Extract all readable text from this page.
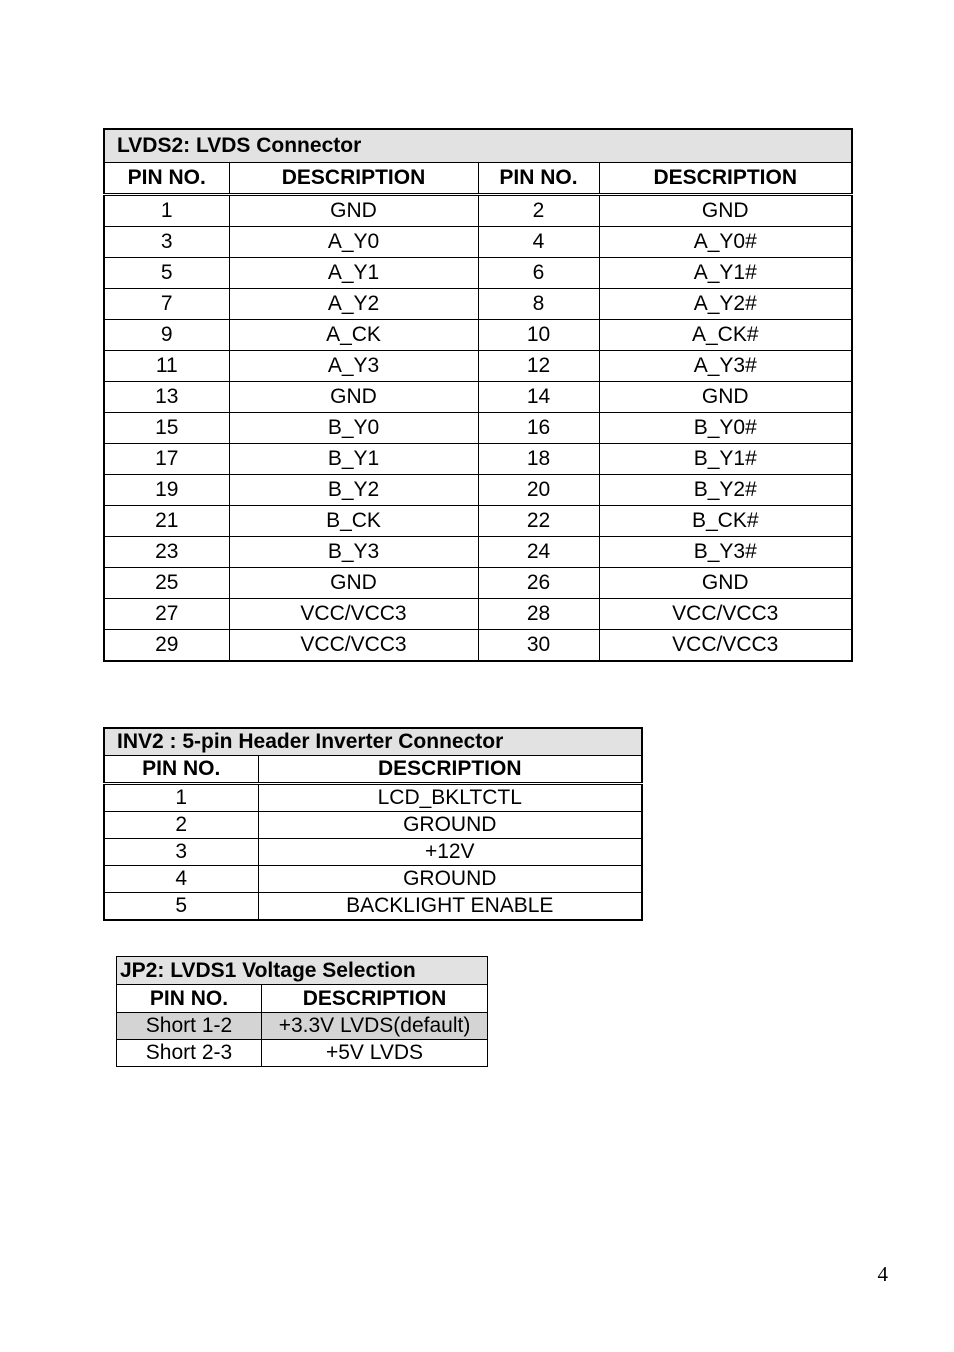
LVDS2: LVDS Connector			
PIN NO.	DESCRIPTION	PIN NO.	DESCRIPTION
1	GND	2	GND
3	A_Y0	4	A_Y0#
5	A_Y1	6	A_Y1#
7	A_Y2	8	A_Y2#
9	A_CK	10	A_CK#
11	A_Y3	12	A_Y3#
13	GND	14	GND
15	B_Y0	16	B_Y0#
17	B_Y1	18	B_Y1#
19	B_Y2	20	B_Y2#
21	B_CK	22	B_CK#
23	B_Y3	24	B_Y3#
25	GND	26	GND
27	VCC/VCC3	28	VCC/VCC3
29	VCC/VCC3	30	VCC/VCC3
INV2 : 5-pin Header Inverter Connector	
PIN NO.	DESCRIPTION
1	LCD_BKLTCTL
2	GROUND
3	+12V
4	GROUND
5	BACKLIGHT ENABLE
JP2: LVDS1 Voltage Selection	
PIN NO.	DESCRIPTION
Short 1-2	+3.3V LVDS(default)
Short 2-3	+5V LVDS
4
